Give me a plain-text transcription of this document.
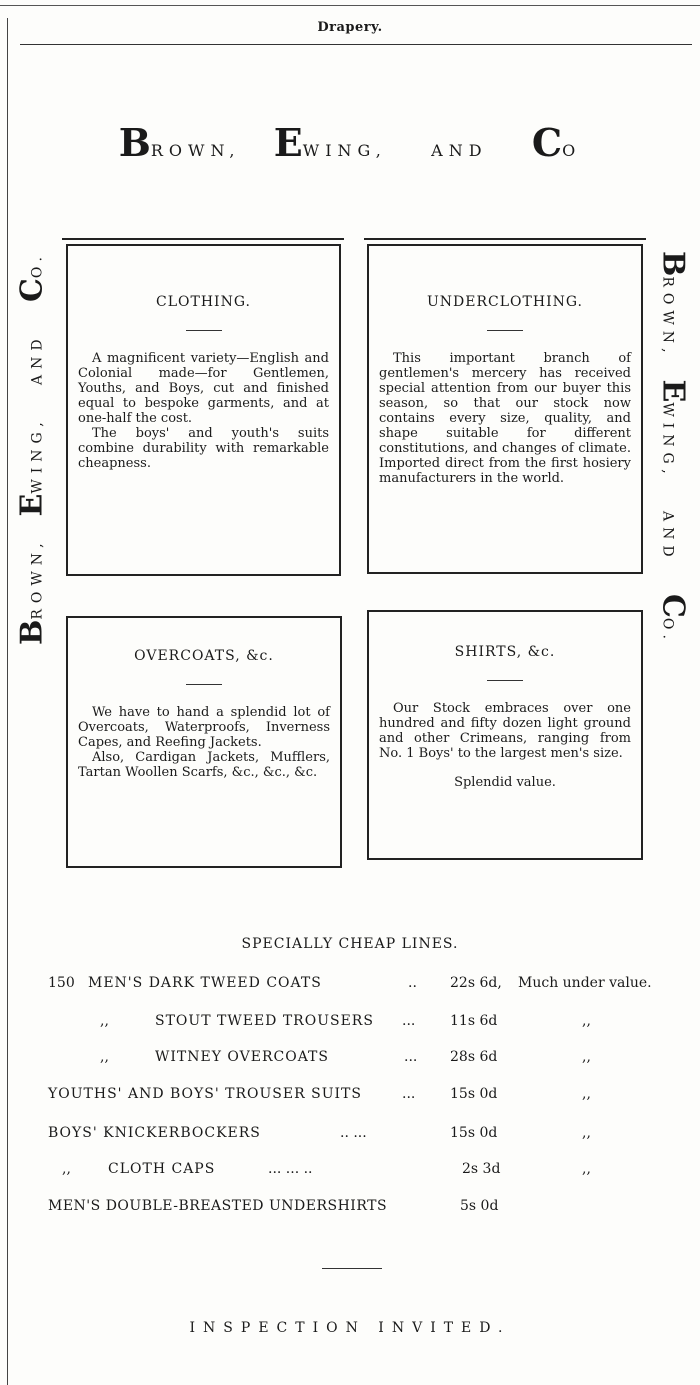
Drapery.
BROWN, EWING,	AND CO
BROWN,  EWING,   AND   CO.	BROWN,  EWING,   AND   CO.
CLOTHING.

A magnificent variety—English and Colonial made—for Gentlemen, Youths, and Boys, cut and finished equal to bespoke garments, and at one-half the cost.

The boys' and youth's suits combine durability with remarkable cheapness.

UNDERCLOTHING.

This important branch of gentlemen's mercery has received special attention from our buyer this season, so that our stock now contains every size, quality, and shape suitable for different constitutions, and changes of climate. Imported direct from the first hosiery manufacturers in the world.

OVERCOATS, &c.

We have to hand a splendid lot of Overcoats, Waterproofs, Inverness Capes, and Reefing Jackets.

Also, Cardigan Jackets, Mufflers, Tartan Woollen Scarfs, &c., &c., &c.

SHIRTS, &c.

Our Stock embraces over one hundred and fifty dozen light ground and other Crimeans, ranging from No. 1 Boys' to the largest men's size.

Splendid value.

SPECIALLY CHEAP LINES.
150 MEN'S DARK TWEED COATS	.. 22s 6d, Much under value.
,,	STOUT TWEED TROUSERS ... 11s 6d	,,
,,	WITNEY OVERCOATS	... 28s 6d	,,
YOUTHS' AND BOYS' TROUSER SUITS	... 15s 0d	,,
BOYS' KNICKERBOCKERS	.. ...	15s 0d	,,
,,	CLOTH CAPS	... ... ..	2s 3d	,,
MEN'S DOUBLE-BREASTED UNDERSHIRTS	5s 0d
INSPECTION INVITED.
